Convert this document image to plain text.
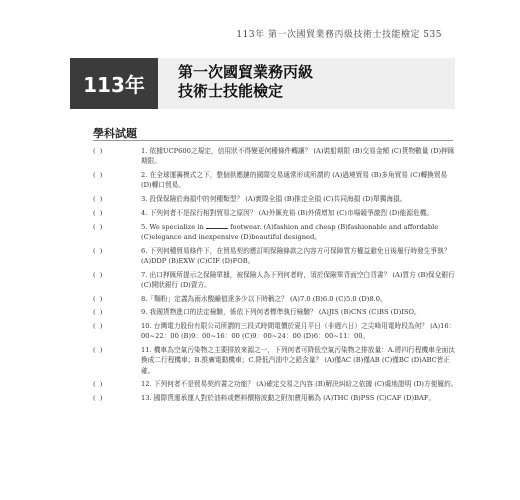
113年 第一次國貿業務丙級技術士技能檢定 535
113年
第一次國貿業務丙級
技術士技能檢定
學科試題
( )	1. 依據UCP600之規定，信用狀不得變更何種條件轉讓？ (A)裝船期限 (B)交易金額 (C)貨物數量 (D)押匯期限。
( )	2. 在全球運籌模式之下，整個供應鏈的國際交易通常形成所謂的 (A)過境貿易 (B)多角貿易 (C)轉換貿易 (D)轉口貿易。
( )	3. 投保保險於海損中的何種類型？ (A)實際全損 (B)推定全損 (C)共同海損 (D)單獨海損。
( )	4. 下列何者不是採行相對貿易之原因？ (A)外匯充裕 (B)外債增加 (C)市場競爭激烈 (D)能源危機。
( )	5. We specialize in	footwear. (A)fashion and cheap (B)fashionable and affordable (C)elegance and inexpensive (D)beautiful designed。
( )	6. 下列何種貿易條件下，在貿易契約應訂明保險條款之內容方可保障買方權益避免日後履行時發生爭執？ (A)DDP (B)EXW (C)CIF (D)FOB。
( )	7. 出口押匯所提示之保險單據，被保險人為下列何者時，須於保險單背面空白背書？ (A)買方 (B)保兌銀行 (C)開狀銀行 (D)賣方。
( )	8.「麵粉」定義為雨水酸鹼值達多少以下時稱之？ (A)7.0 (B)6.0 (C)5.0 (D)8.0。
( )	9. 我國貨物進口的法定檢驗，係依下列何者標準執行檢驗？ (A)JIS (B)CNS (C)BS (D)ISO。
( )	10. 台灣電力股份有限公司所謂的三段式時間電價於夏月平日（非週六日）之尖峰用電時段為何？ (A)16：00~22：00 (B)9：00~16：00 (C)9：00~24：00 (D)6：00~11：00。
( )	11. 機車為空氣污染物之主要排放來源之一，下列何者可降低空氣污染物之排放量：A.將四行程機車全面汰換成二行程機車；B.推廣電動機車；C.降低汽油中之鉛含量？ (A)僅AC (B)僅AB (C)僅BC (D)ABC皆正確。
( )	12. 下列何者不是貿易契約書之功能？ (A)確定交易之內容 (B)解決糾紛之依據 (C)處地證明 (D)方便履約。
( )	13. 國際貨運承運人對於油料或燃料價格波動之附加費用稱為 (A)THC (B)PSS (C)CAF (D)BAF。
